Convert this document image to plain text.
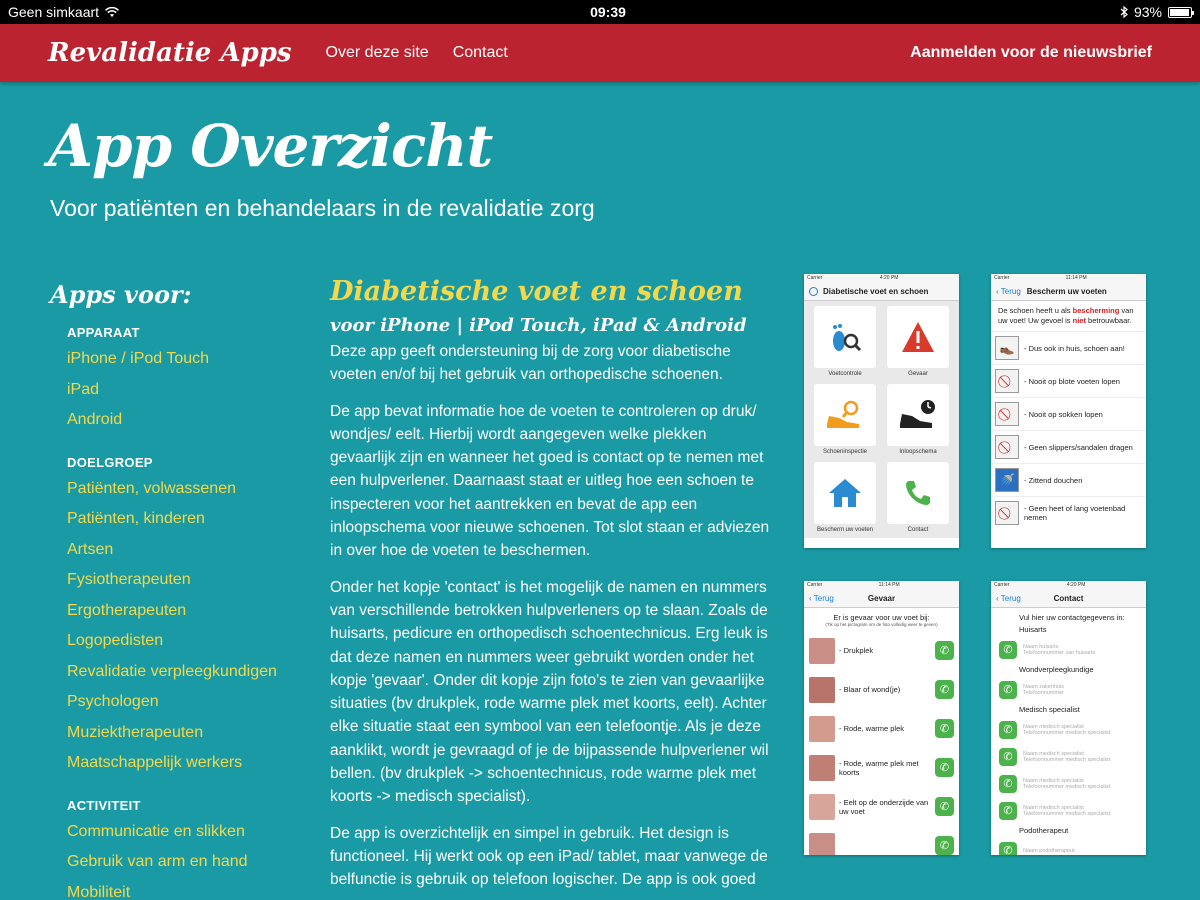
Geen simkaart	09:39	93%
Revalidatie Apps Over deze site Contact	Aanmelden voor de nieuwsbrief
App Overzicht
Voor patiënten en behandelaars in de revalidatie zorg
Apps voor:
APPARAAT
iPhone / iPod Touch
iPad
Android
DOELGROEP
Patiënten, volwassenen
Patiënten, kinderen
Artsen
Fysiotherapeuten
Ergotherapeuten
Logopedisten
Revalidatie verpleegkundigen
Psychologen
Muziektherapeuten
Maatschappelijk werkers
ACTIVITEIT
Communicatie en slikken
Gebruik van arm en hand
Mobiliteit
Diabetische voet en schoen
voor iPhone | iPod Touch, iPad & Android

Deze app geeft ondersteuning bij de zorg voor diabetische voeten en/of bij het gebruik van orthopedische schoenen.

De app bevat informatie hoe de voeten te controleren op druk/ wondjes/ eelt. Hierbij wordt aangegeven welke plekken gevaarlijk zijn en wanneer het goed is contact op te nemen met een hulpverlener. Daarnaast staat er uitleg hoe een schoen te inspecteren voor het aantrekken en bevat de app een inloopschema voor nieuwe schoenen. Tot slot staan er adviezen in over hoe de voeten te beschermen.

Onder het kopje 'contact' is het mogelijk de namen en nummers van verschillende betrokken hulpverleners op te slaan. Zoals de huisarts, pedicure en orthopedisch schoentechnicus. Erg leuk is dat deze namen en nummers weer gebruikt worden onder het kopje 'gevaar'. Onder dit kopje zijn foto's te zien van gevaarlijke situaties (bv drukplek, rode warme plek met koorts, eelt). Achter elke situatie staat een symbool van een telefoontje. Als je deze aanklikt, wordt je gevraagd of je de bijpassende hulpverlener wil bellen. (bv drukplek -> schoentechnicus, rode warme plek met koorts -> medisch specialist).

De app is overzichtelijk en simpel in gebruik. Het design is functioneel. Hij werkt ook op een iPad/ tablet, maar vanwege de belfunctie is gebruik op telefoon logischer. De app is ook goed

Carrier	4:20 PM
Diabetische voet en schoen
Voetcontrole	Gevaar
Schoeninspectie	Inloopschema
Bescherm uw voeten	Contact
Carrier	11:14 PM
‹ Terug Bescherm uw voeten
De schoen heeft u als bescherming van uw voet! Uw gevoel is niet betrouwbaar.
👞	- Dus ook in huis, schoen aan!
- Nooit op blote voeten lopen
- Nooit op sokken lopen
- Geen slippers/sandalen dragen
🚿	- Zittend douchen
- Geen heet of lang voetenbad nemen
Carrier	11:14 PM
‹ Terug	Gevaar
Er is gevaar voor uw voet bij:
(Tik op het pictogram om de foto volledig weer te geven)
- Drukplek	✆
- Blaar of wond(je)	✆
- Rode, warme plek	✆
- Rode, warme plek met koorts	✆
- Eelt op de onderzijde van uw voet	✆
✆
Carrier	4:20 PM
‹ Terug	Contact
Vul hier uw contactgegevens in:
Huisarts
✆	Naam huisarts
Telefoonnummer van huisarts
Wondverpleegkundige
✆	Naam zakenhuis
Telefoonnummer
Medisch specialist
✆	Naam medisch specialist
Telefoonnummer medisch specialist
✆	Naam medisch specialist
Telefoonnummer medisch specialist
✆	Naam medisch specialist
Telefoonnummer medisch specialist
✆	Naam medisch specialist
Telefoonnummer medisch specialist
Podotherapeut
✆	Naam podotherapeut
